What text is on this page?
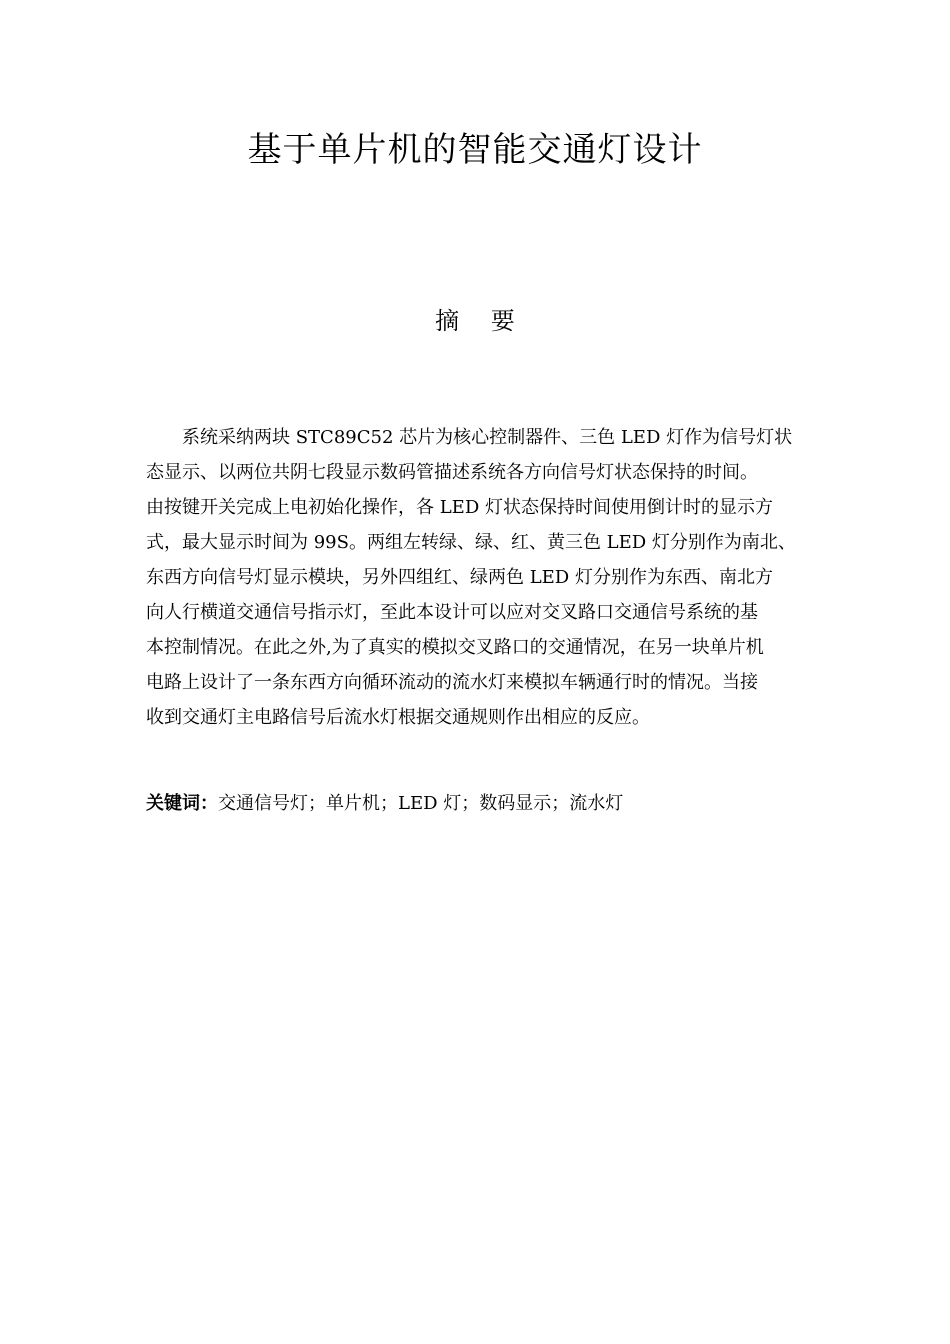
基于单片机的智能交通灯设计
摘 要
系统采纳两块 STC89C52 芯片为核心控制器件、三色 LED 灯作为信号灯状
态显示、以两位共阴七段显示数码管描述系统各方向信号灯状态保持的时间。
由按键开关完成上电初始化操作，各 LED 灯状态保持时间使用倒计时的显示方
式，最大显示时间为 99S。两组左转绿、绿、红、黄三色 LED 灯分别作为南北、
东西方向信号灯显示模块，另外四组红、绿两色 LED 灯分别作为东西、南北方
向人行横道交通信号指示灯，至此本设计可以应对交叉路口交通信号系统的基
本控制情况。在此之外,为了真实的模拟交叉路口的交通情况，在另一块单片机
电路上设计了一条东西方向循环流动的流水灯来模拟车辆通行时的情况。当接
收到交通灯主电路信号后流水灯根据交通规则作出相应的反应。
关键词：交通信号灯；单片机；LED 灯；数码显示；流水灯
